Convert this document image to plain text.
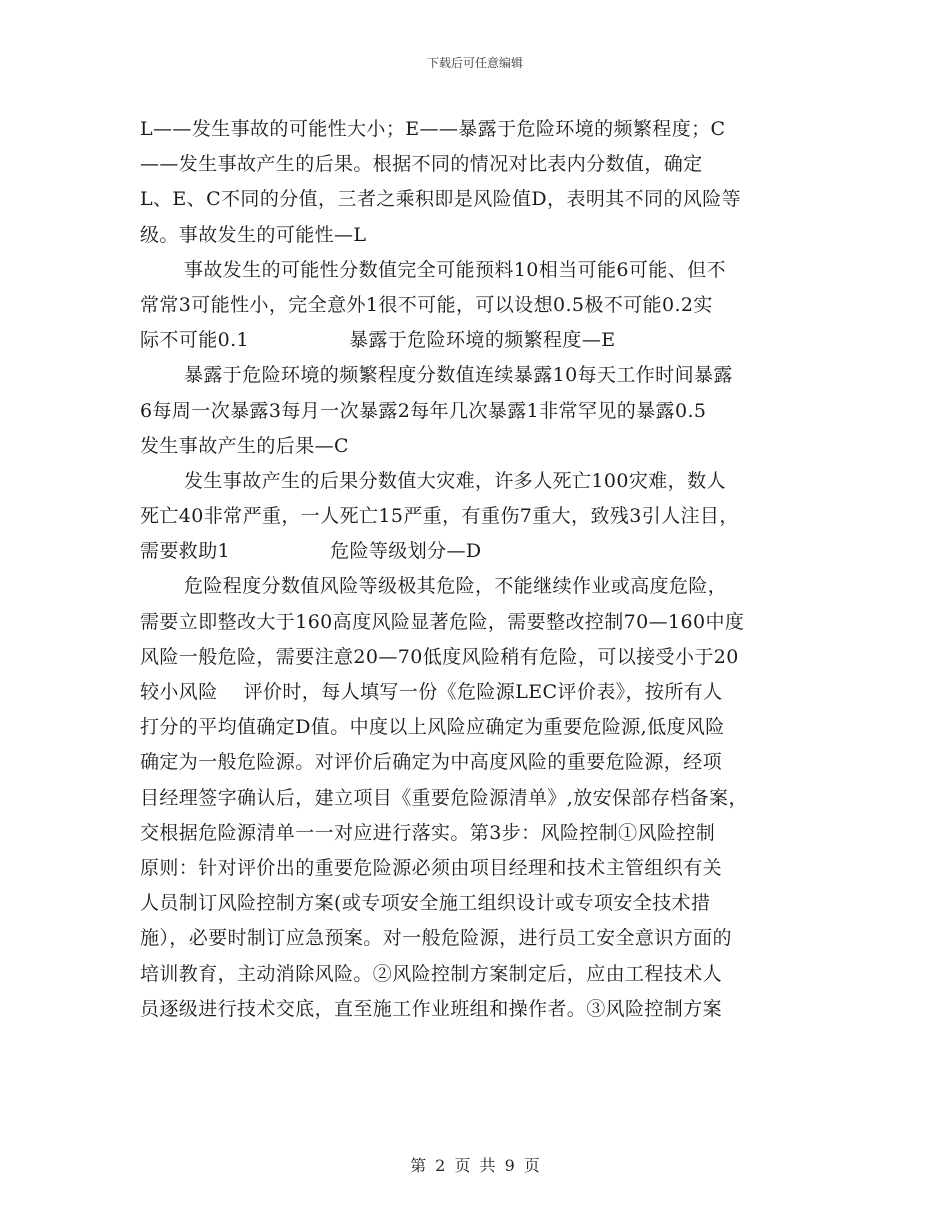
下载后可任意编辑
L——发生事故的可能性大小；E——暴露于危险环境的频繁程度；C
——发生事故产生的后果。根据不同的情况对比表内分数值，确定
L、E、C不同的分值，三者之乘积即是风险值D，表明其不同的风险等
级。事故发生的可能性—L
事故发生的可能性分数值完全可能预料10相当可能6可能、但不
常常3可能性小，完全意外1很不可能，可以设想0.5极不可能0.2实
际不可能0.1	暴露于危险环境的频繁程度—E
暴露于危险环境的频繁程度分数值连续暴露10每天工作时间暴露
6每周一次暴露3每月一次暴露2每年几次暴露1非常罕见的暴露0.5
发生事故产生的后果—C
发生事故产生的后果分数值大灾难，许多人死亡100灾难，数人
死亡40非常严重，一人死亡15严重，有重伤7重大，致残3引人注目，
需要救助1	危险等级划分—D
危险程度分数值风险等级极其危险，不能继续作业或高度危险，
需要立即整改大于160高度风险显著危险，需要整改控制70—160中度
风险一般危险，需要注意20—70低度风险稍有危险，可以接受小于20
较小风险 评价时，每人填写一份《危险源LEC评价表》，按所有人
打分的平均值确定D值。中度以上风险应确定为重要危险源,低度风险
确定为一般危险源。对评价后确定为中高度风险的重要危险源，经项
目经理签字确认后，建立项目《重要危险源清单》,放安保部存档备案，
交根据危险源清单一一对应进行落实。第3步：风险控制①风险控制
原则：针对评价出的重要危险源必须由项目经理和技术主管组织有关
人员制订风险控制方案(或专项安全施工组织设计或专项安全技术措
施），必要时制订应急预案。对一般危险源，进行员工安全意识方面的
培训教育，主动消除风险。②风险控制方案制定后，应由工程技术人
员逐级进行技术交底，直至施工作业班组和操作者。③风险控制方案
第 2 页 共 9 页
